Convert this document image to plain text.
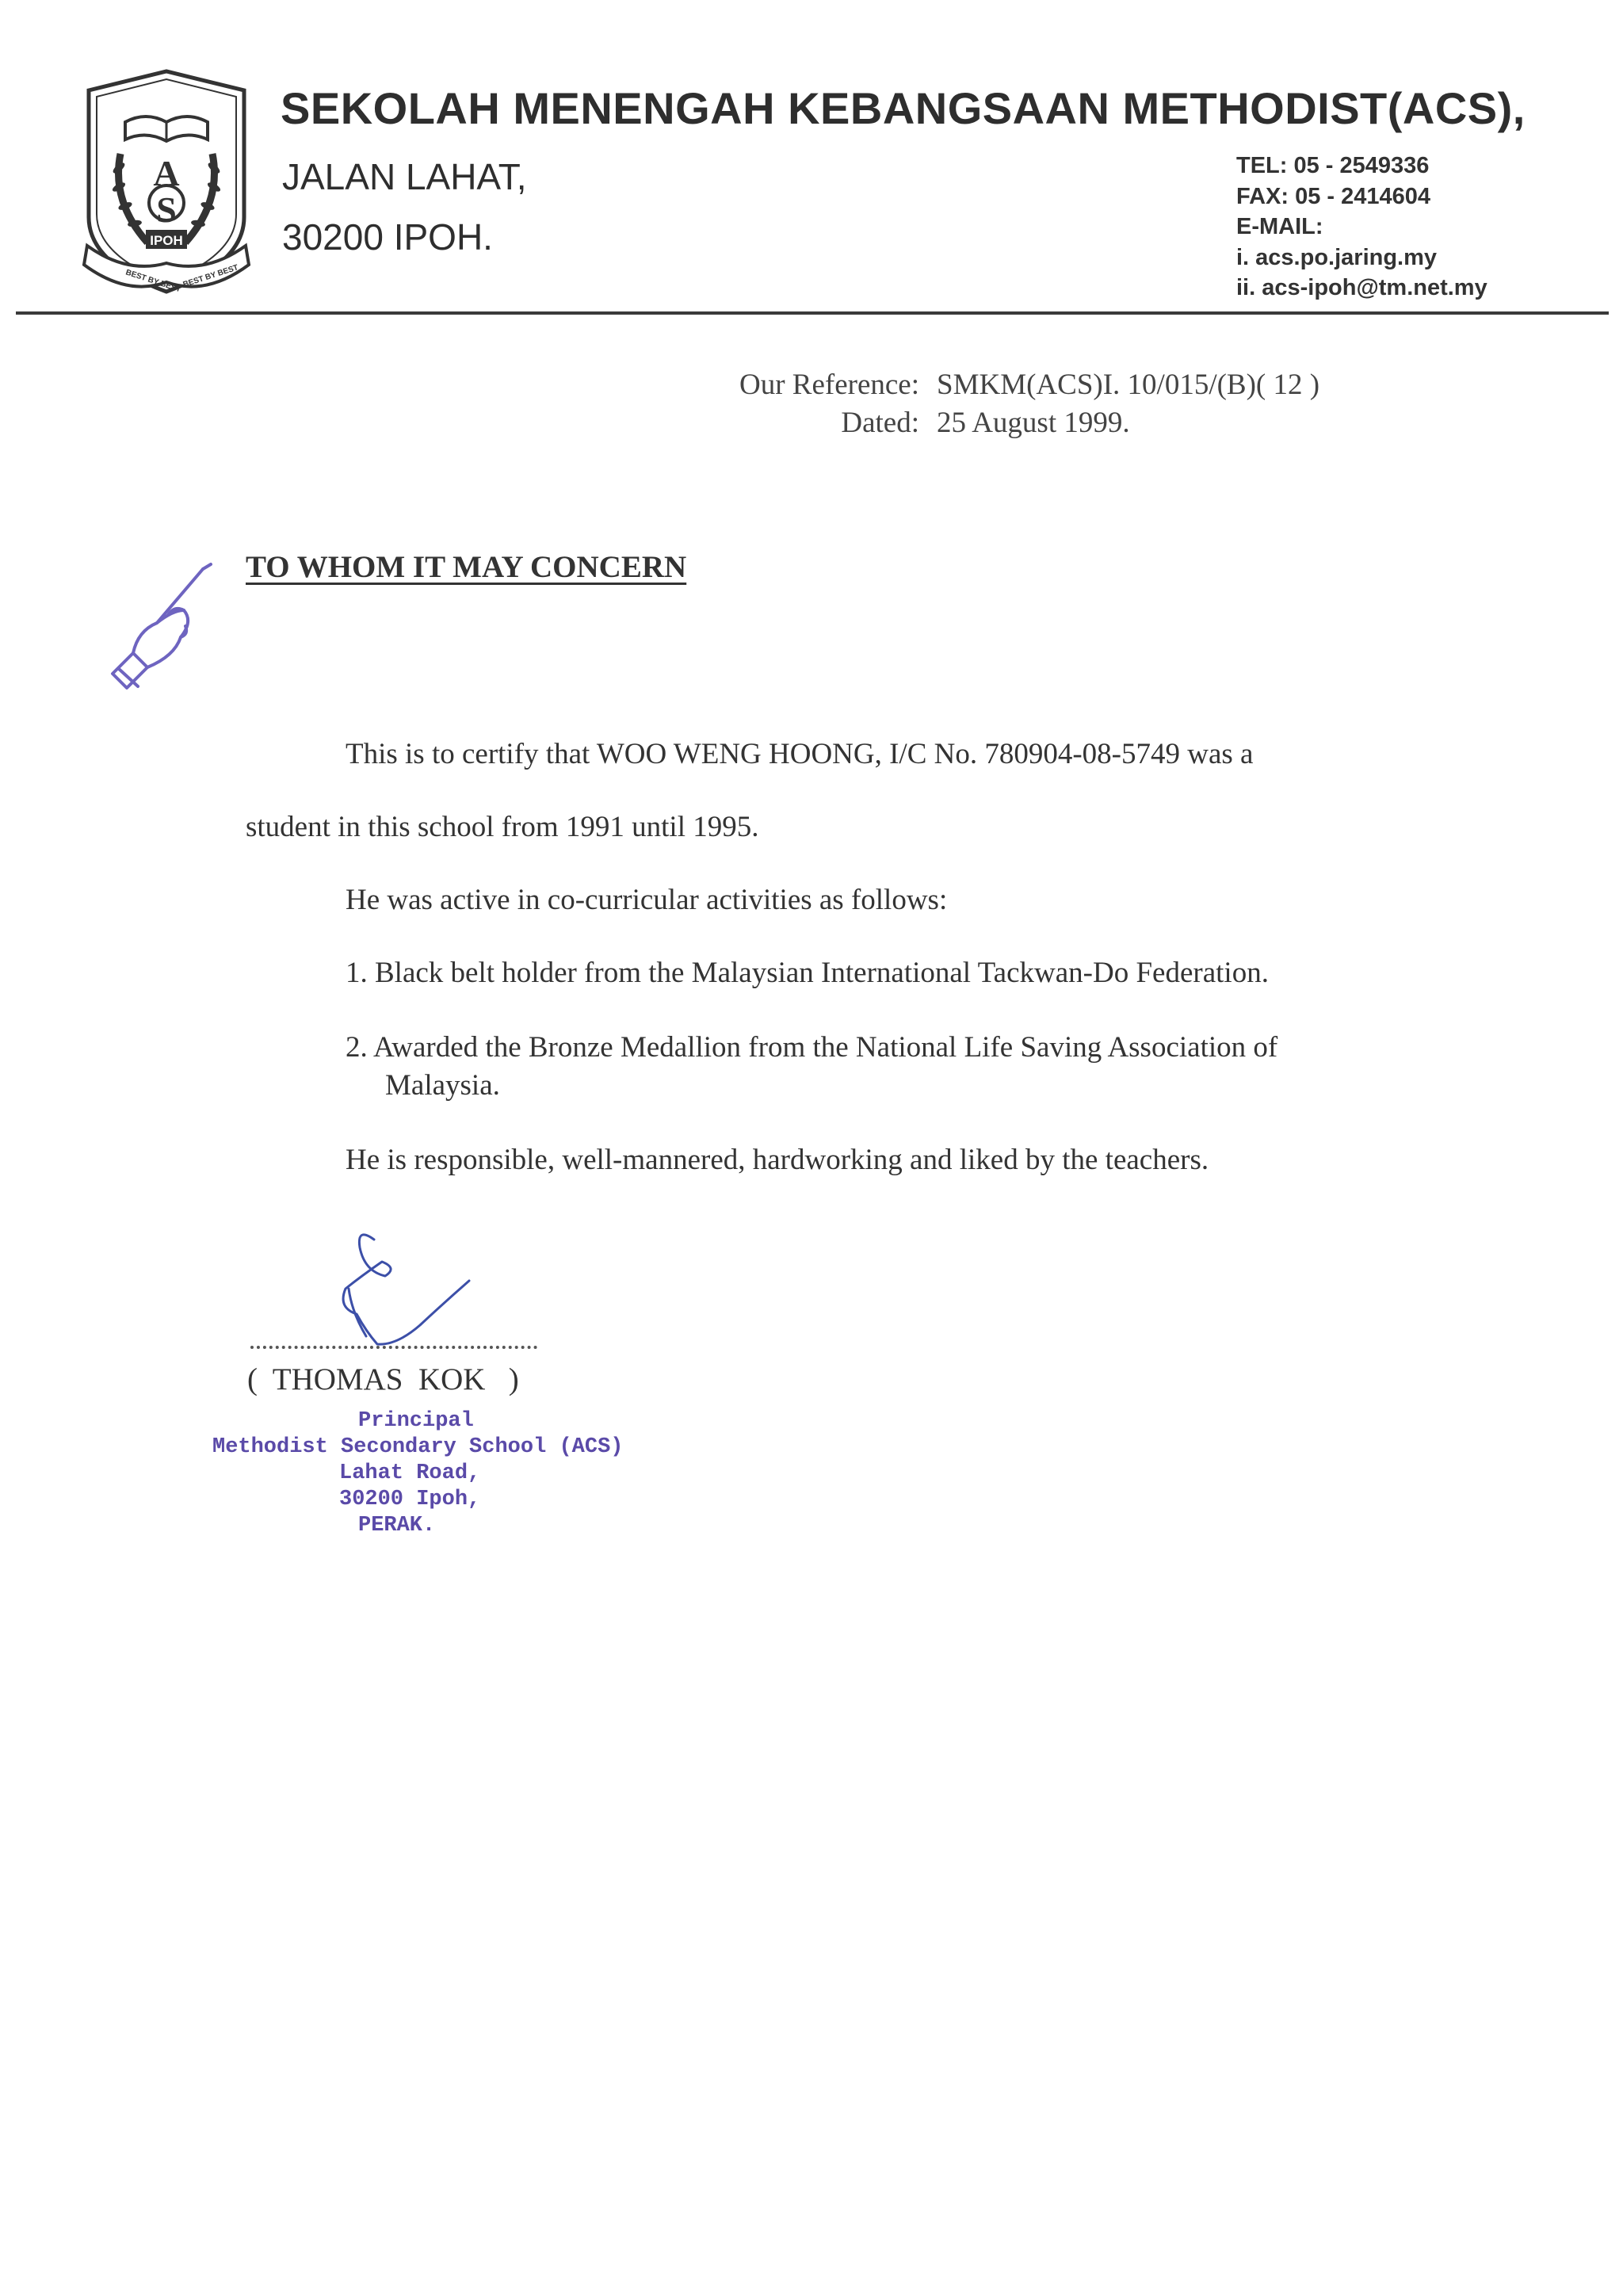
A
S
IPOH
BEST BY BEST BEST BY BEST
SEKOLAH MENENGAH KEBANGSAAN METHODIST(ACS),
JALAN LAHAT,
30200 IPOH.
TEL: 05 - 2549336
FAX: 05 - 2414604
E-MAIL:
i. acs.po.jaring.my
ii. acs-ipoh@tm.net.my
Our Reference: SMKM(ACS)I. 10/015/(B)( 12 )
Dated: 25 August 1999.
TO WHOM IT MAY CONCERN
This is to certify that WOO WENG HOONG, I/C No. 780904-08-5749 was a
student in this school from 1991 until 1995.
He was active in co-curricular activities as follows:
1. Black belt holder from the Malaysian International Tackwan-Do Federation.
2. Awarded the Bronze Medallion from the National Life Saving Association of
Malaysia.
He is responsible, well-mannered, hardworking and liked by the teachers.
(  THOMAS  KOK   )
Principal
Methodist Secondary School (ACS)
Lahat Road,
30200 Ipoh,
PERAK.
